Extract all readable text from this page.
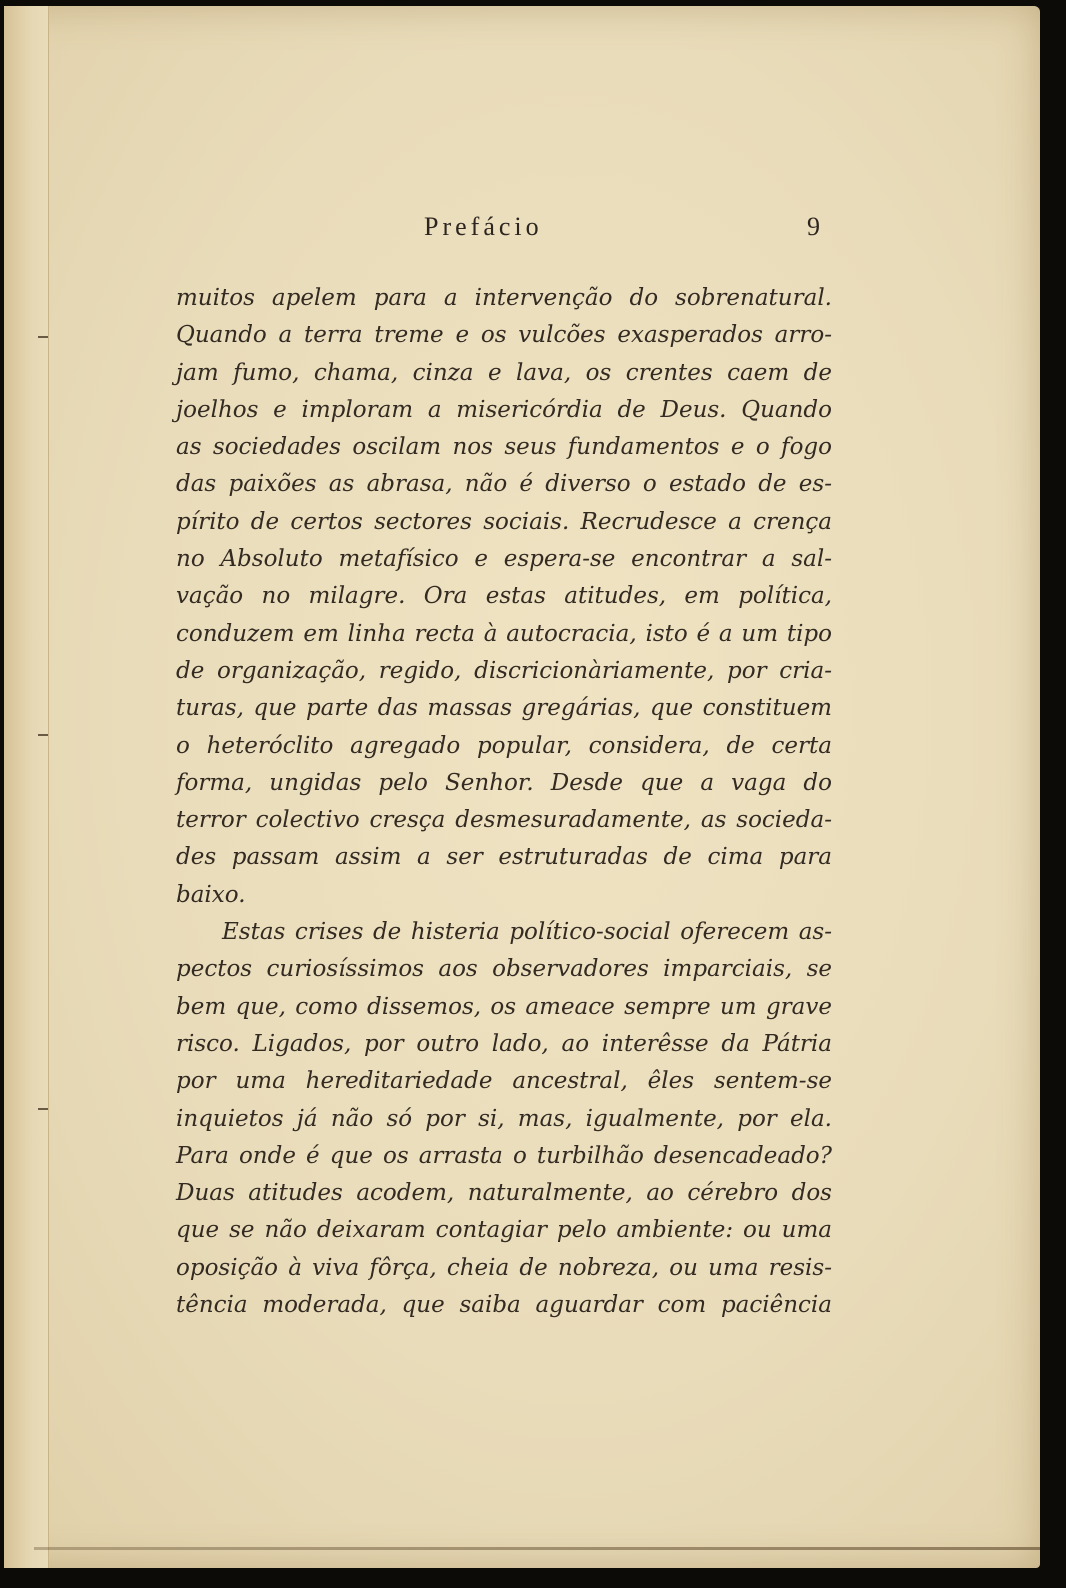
Prefácio	9
muitos apelem para a intervenção do sobrenatural.
Quando a terra treme e os vulcões exasperados arro-
jam fumo, chama, cinza e lava, os crentes caem de
joelhos e imploram a misericórdia de Deus. Quando
as sociedades oscilam nos seus fundamentos e o fogo
das paixões as abrasa, não é diverso o estado de es-
pírito de certos sectores sociais. Recrudesce a crença
no Absoluto metafísico e espera-se encontrar a sal-
vação no milagre. Ora estas atitudes, em política,
conduzem em linha recta à autocracia, isto é a um tipo
de organização, regido, discricionàriamente, por cria-
turas, que parte das massas gregárias, que constituem
o heteróclito agregado popular, considera, de certa
forma, ungidas pelo Senhor. Desde que a vaga do
terror colectivo cresça desmesuradamente, as socieda-
des passam assim a ser estruturadas de cima para
baixo.
Estas crises de histeria político-social oferecem as-
pectos curiosíssimos aos observadores imparciais, se
bem que, como dissemos, os ameace sempre um grave
risco. Ligados, por outro lado, ao interêsse da Pátria
por uma hereditariedade ancestral, êles sentem-se
inquietos já não só por si, mas, igualmente, por ela.
Para onde é que os arrasta o turbilhão desencadeado?
Duas atitudes acodem, naturalmente, ao cérebro dos
que se não deixaram contagiar pelo ambiente: ou uma
oposição à viva fôrça, cheia de nobreza, ou uma resis-
tência moderada, que saiba aguardar com paciência
